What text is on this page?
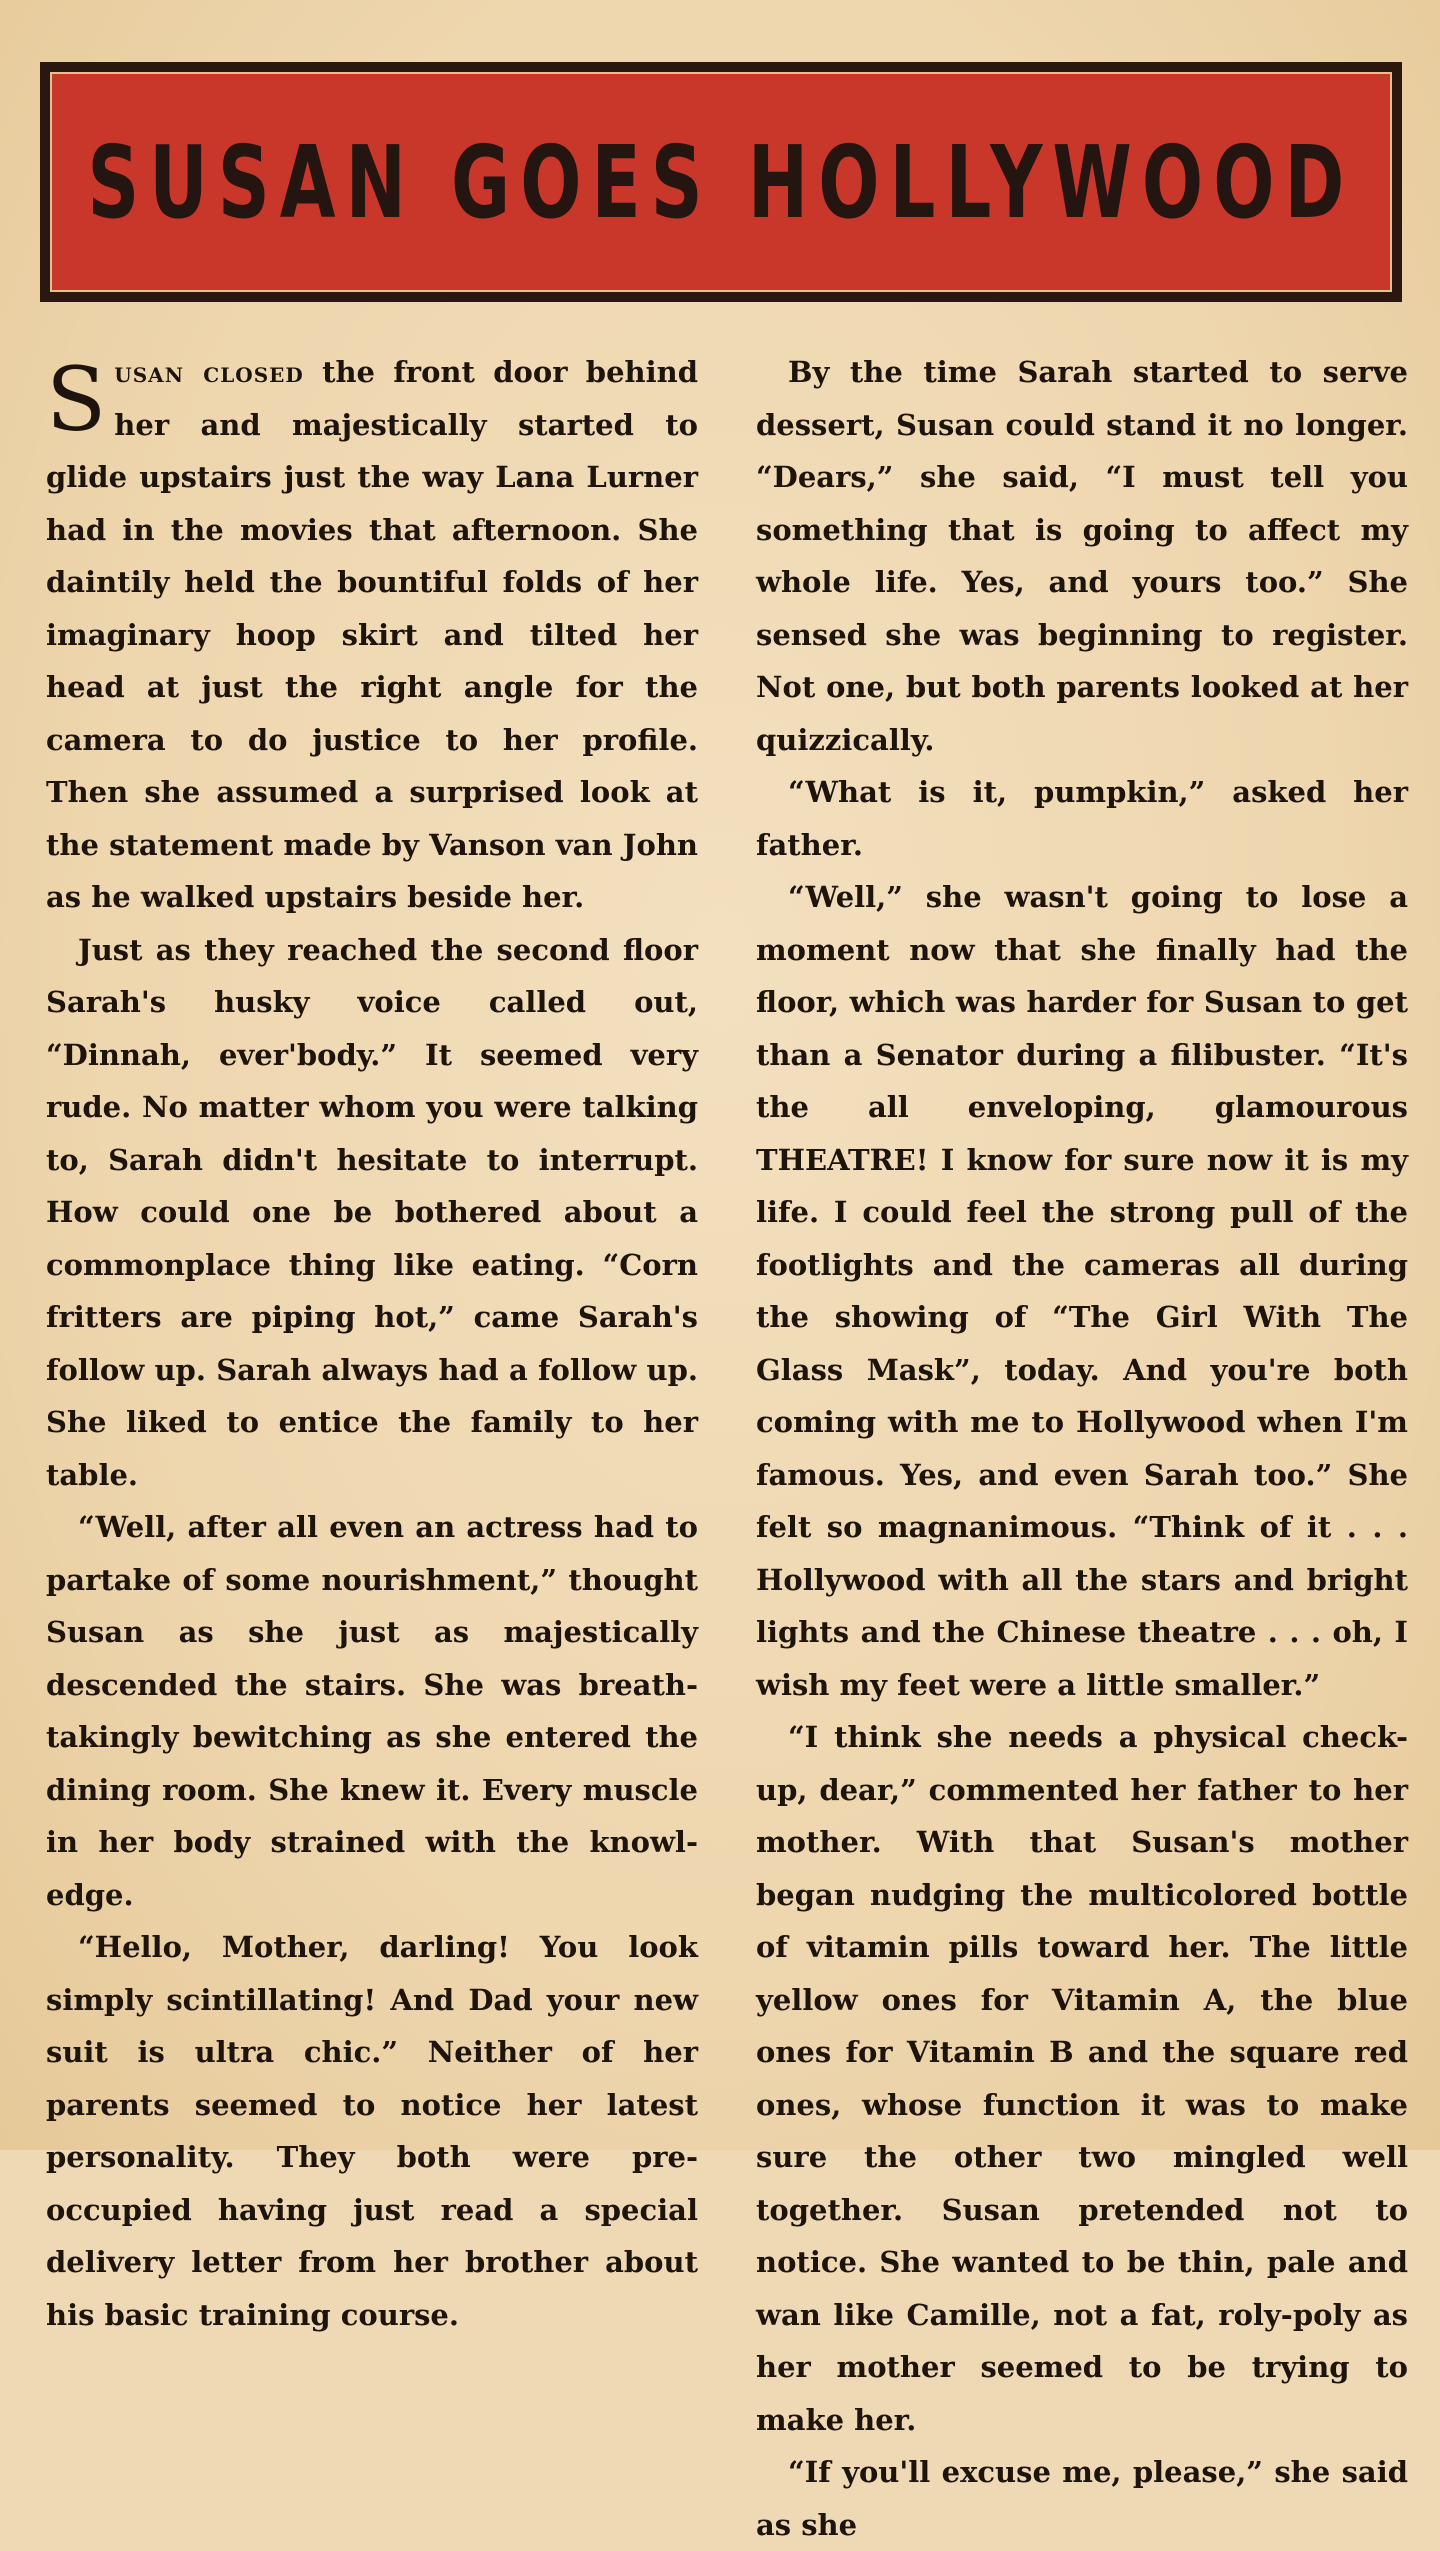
SUSAN GOES HOLLYWOOD

Susan closed the front door behind her and majestically started to glide upstairs just the way Lana Lurner had in the movies that afternoon. She daintily held the bountiful folds of her imaginary hoop skirt and tilted her head at just the right angle for the camera to do justice to her profile. Then she assumed a surprised look at the statement made by Vanson van John as he walked upstairs beside her.

Just as they reached the second floor Sarah's husky voice called out, “Dinnah, ever'body.” It seemed very rude. No matter whom you were talking to, Sarah didn't hesitate to interrupt. How could one be bothered about a commonplace thing like eating. “Corn fritters are piping hot,” came Sarah's follow up. Sarah always had a follow up. She liked to entice the family to her table.

“Well, after all even an actress had to partake of some nourishment,” thought Susan as she just as majestically descended the stairs. She was breath-takingly bewitching as she entered the dining room. She knew it. Every muscle in her body strained with the knowledge.

“Hello, Mother, darling! You look simply scintillating! And Dad your new suit is ultra chic.” Neither of her parents seemed to notice her latest personality. They both were preoccupied having just read a special delivery letter from her brother about his basic training course.

By the time Sarah started to serve dessert, Susan could stand it no longer. “Dears,” she said, “I must tell you something that is going to affect my whole life. Yes, and yours too.” She sensed she was beginning to register. Not one, but both parents looked at her quizzically.

“What is it, pumpkin,” asked her father.

“Well,” she wasn't going to lose a moment now that she finally had the floor, which was harder for Susan to get than a Senator during a filibuster. “It's the all enveloping, glamourous THEATRE! I know for sure now it is my life. I could feel the strong pull of the footlights and the cameras all during the showing of “The Girl With The Glass Mask”, today. And you're both coming with me to Hollywood when I'm famous. Yes, and even Sarah too.” She felt so magnanimous. “Think of it . . . Hollywood with all the stars and bright lights and the Chinese theatre . . . oh, I wish my feet were a little smaller.”

“I think she needs a physical check-up, dear,” commented her father to her mother. With that Susan's mother began nudging the multicolored bottle of vitamin pills toward her. The little yellow ones for Vitamin A, the blue ones for Vitamin B and the square red ones, whose function it was to make sure the other two mingled well together. Susan pretended not to notice. She wanted to be thin, pale and wan like Camille, not a fat, roly-poly as her mother seemed to be trying to make her.

“If you'll excuse me, please,” she said as she
